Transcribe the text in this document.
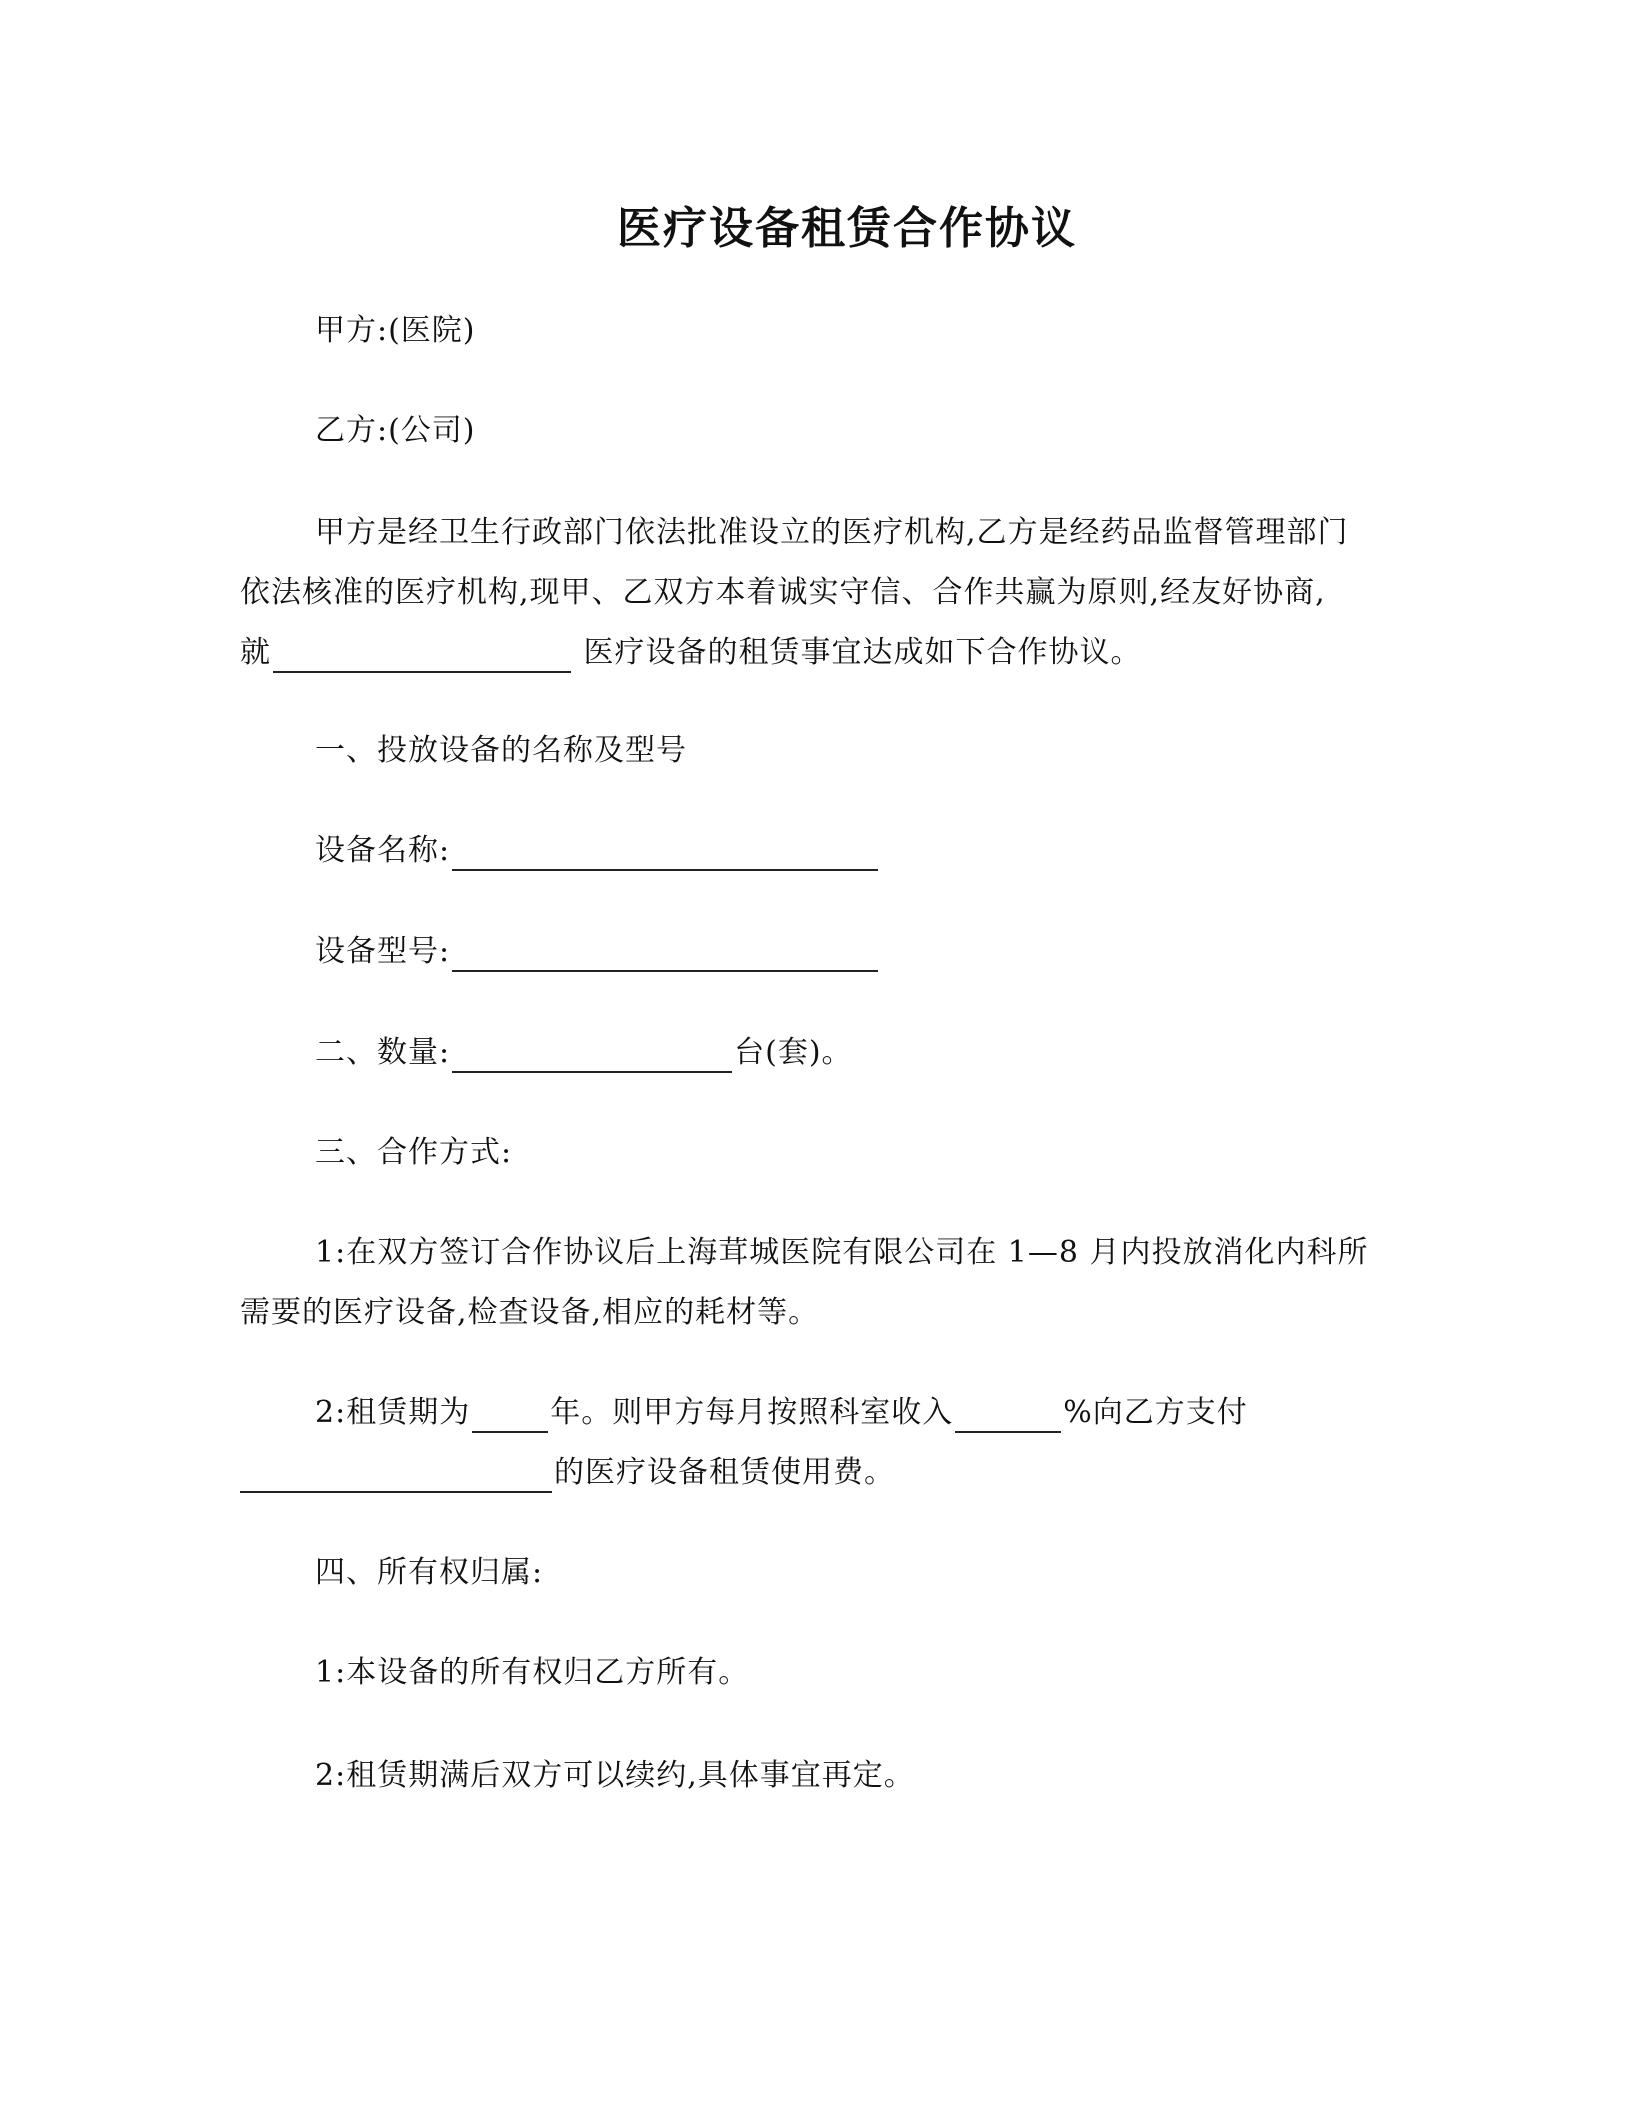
医疗设备租赁合作协议
甲方:(医院)
乙方:(公司)
甲方是经卫生行政部门依法批准设立的医疗机构,乙方是经药品监督管理部门
依法核准的医疗机构,现甲、乙双方本着诚实守信、合作共赢为原则,经友好协商,
就	医疗设备的租赁事宜达成如下合作协议。
一、投放设备的名称及型号
设备名称:
设备型号:
二、数量:	台(套)。
三、合作方式:
1:在双方签订合作协议后上海茸城医院有限公司在 1—8 月内投放消化内科所
需要的医疗设备,检查设备,相应的耗材等。
2:租赁期为	年。则甲方每月按照科室收入	%向乙方支付
的医疗设备租赁使用费。
四、所有权归属:
1:本设备的所有权归乙方所有。
2:租赁期满后双方可以续约,具体事宜再定。
